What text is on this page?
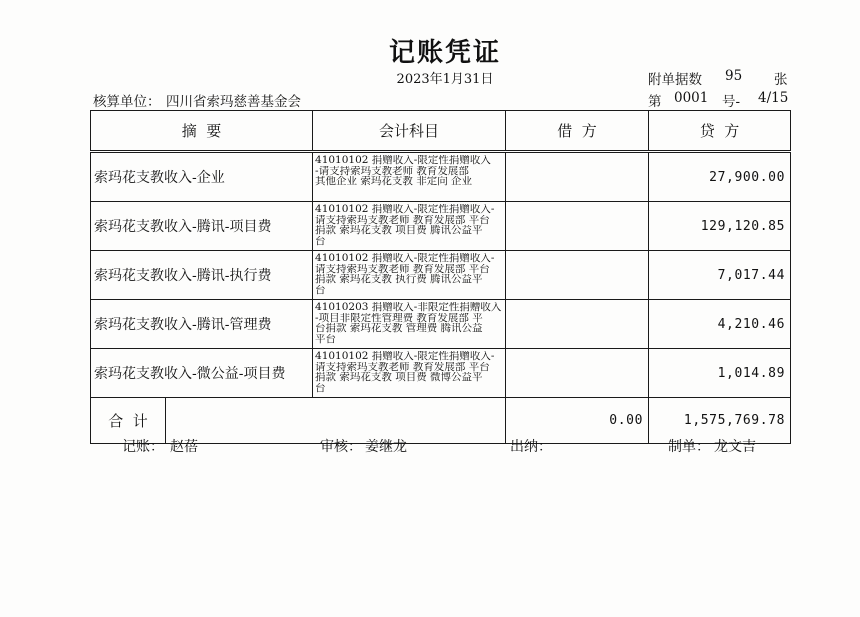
记账凭证
2023年1月31日	附单据数 95 张
核算单位： 四川省索玛慈善基金会	第 0001 号- 4/15
摘  要		会计科目	借  方	贷  方
索玛花支教收入-企业		41010102 捐赠收入-限定性捐赠收入
-请支持索玛支教老师 教育发展部
其他企业 索玛花支教 非定向 企业		27,900.00
索玛花支教收入-腾讯-项目费		41010102 捐赠收入-限定性捐赠收入-
请支持索玛支教老师 教育发展部 平台
捐款 索玛花支教 项目费 腾讯公益平
台		129,120.85
索玛花支教收入-腾讯-执行费		41010102 捐赠收入-限定性捐赠收入-
请支持索玛支教老师 教育发展部 平台
捐款 索玛花支教 执行费 腾讯公益平
台		7,017.44
索玛花支教收入-腾讯-管理费		41010203 捐赠收入-非限定性捐赠收入
-项目非限定性管理费 教育发展部 平
台捐款 索玛花支教 管理费 腾讯公益
平台		4,210.46
索玛花支教收入-微公益-项目费		41010102 捐赠收入-限定性捐赠收入-
请支持索玛支教老师 教育发展部 平台
捐款 索玛花支教 项目费 微博公益平
台		1,014.89
合  计			0.00	1,575,769.78
记账： 赵蓓	审核： 姜继龙	出纳：	制单： 龙文吉
